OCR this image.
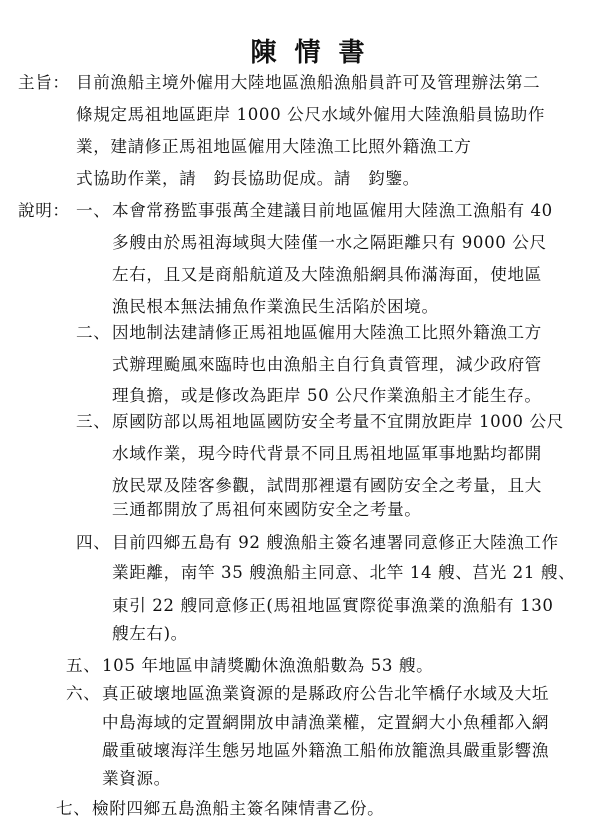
陳情書
主旨： 目前漁船主境外僱用大陸地區漁船漁船員許可及管理辦法第二
條規定馬祖地區距岸 1000 公尺水域外僱用大陸漁船員協助作
業，建請修正馬祖地區僱用大陸漁工比照外籍漁工方
式協助作業，請　鈞長協助促成。請　鈞鑒。
說明： 一、 本會常務監事張萬全建議目前地區僱用大陸漁工漁船有 40
多艘由於馬祖海域與大陸僅一水之隔距離只有 9000 公尺
左右，且又是商船航道及大陸漁船網具佈滿海面，使地區
漁民根本無法捕魚作業漁民生活陷於困境。
二、 因地制法建請修正馬祖地區僱用大陸漁工比照外籍漁工方
式辦理颱風來臨時也由漁船主自行負責管理，減少政府管
理負擔，或是修改為距岸 50 公尺作業漁船主才能生存。
三、 原國防部以馬祖地區國防安全考量不宜開放距岸 1000 公尺
水域作業，現今時代背景不同且馬祖地區軍事地點均都開
放民眾及陸客參觀，試問那裡還有國防安全之考量，且大
三通都開放了馬祖何來國防安全之考量。
四、 目前四鄉五島有 92 艘漁船主簽名連署同意修正大陸漁工作
業距離，南竿 35 艘漁船主同意、北竿 14 艘、莒光 21 艘、
東引 22 艘同意修正(馬祖地區實際從事漁業的漁船有 130
艘左右)。
五、 105 年地區申請獎勵休漁漁船數為 53 艘。
六、 真正破壞地區漁業資源的是縣政府公告北竿橋仔水域及大坵
中島海域的定置網開放申請漁業權，定置網大小魚種都入網
嚴重破壞海洋生態另地區外籍漁工船佈放籠漁具嚴重影響漁
業資源。
七、 檢附四鄉五島漁船主簽名陳情書乙份。
